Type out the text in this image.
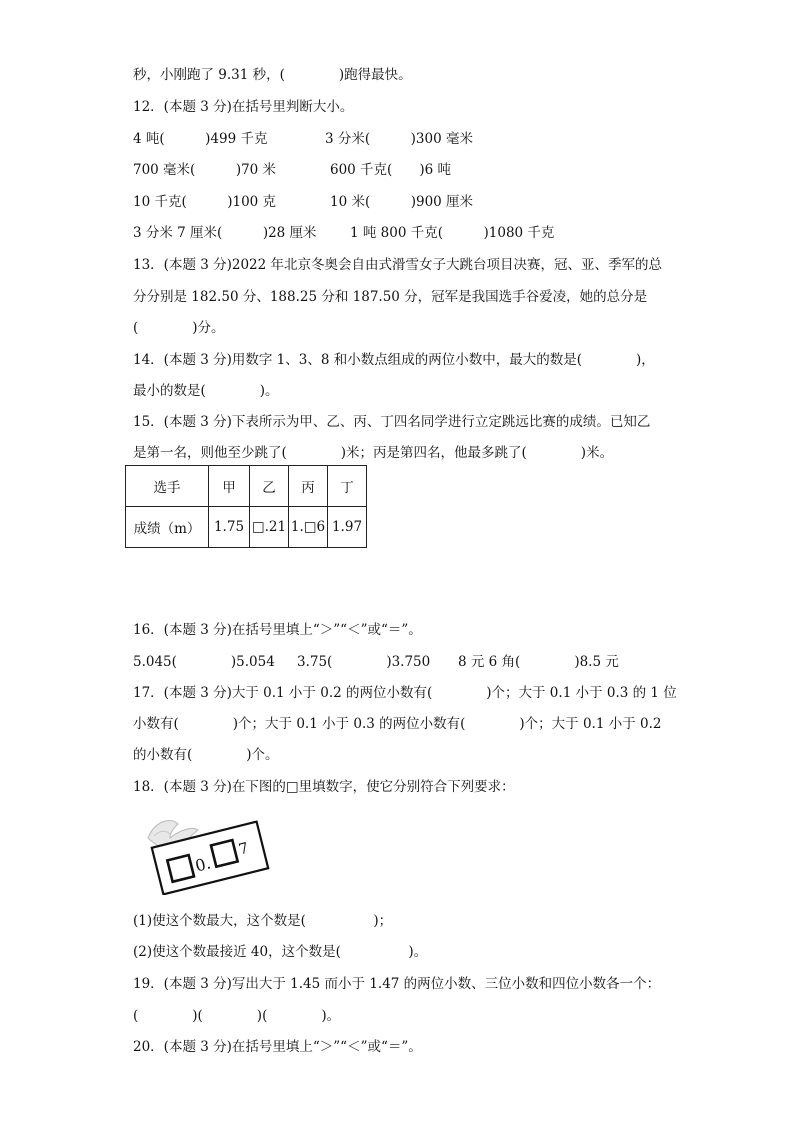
秒，小刚跑了 9.31 秒，(　　　　)跑得最快。
12．(本题 3 分)在括号里判断大小。
4 吨(　　　)499 千克	3 分米(　　　)300 毫米
700 毫米(　　　)70 米	600 千克(　　)6 吨
10 千克(　　　)100 克	10 米(　　　)900 厘米
3 分米 7 厘米(　　　)28 厘米 1 吨 800 千克(　　　)1080 千克
13．(本题 3 分)2022 年北京冬奥会自由式滑雪女子大跳台项目决赛，冠、亚、季军的总
分分别是 182.50 分、188.25 分和 187.50 分，冠军是我国选手谷爱凌，她的总分是
(　　　　)分。
14．(本题 3 分)用数字 1、3、8 和小数点组成的两位小数中，最大的数是(　　　　)，
最小的数是(　　　　)。
15．(本题 3 分)下表所示为甲、乙、丙、丁四名同学进行立定跳远比赛的成绩。已知乙
是第一名，则他至少跳了(　　　　)米；丙是第四名，他最多跳了(　　　　)米。
选手	甲	乙	丙	丁
成绩（m）	1.75	□.21	1.□6	1.97
16．(本题 3 分)在括号里填上“＞”“＜”或“＝”。
5.045(　　　　)5.054 3.75(　　　　)3.750 8 元 6 角(　　　　)8.5 元
17．(本题 3 分)大于 0.1 小于 0.2 的两位小数有(　　　　)个；大于 0.1 小于 0.3 的 1 位
小数有(　　　　)个；大于 0.1 小于 0.3 的两位小数有(　　　　)个；大于 0.1 小于 0.2
的小数有(　　　　)个。
18．(本题 3 分)在下图的□里填数字，使它分别符合下列要求：
0.
7
(1)使这个数最大，这个数是(　　　　　)；
(2)使这个数最接近 40，这个数是(　　　　　)。
19．(本题 3 分)写出大于 1.45 而小于 1.47 的两位小数、三位小数和四位小数各一个：
(　　　　)(　　　　)(　　　　)。
20．(本题 3 分)在括号里填上“＞”“＜”或“＝”。
